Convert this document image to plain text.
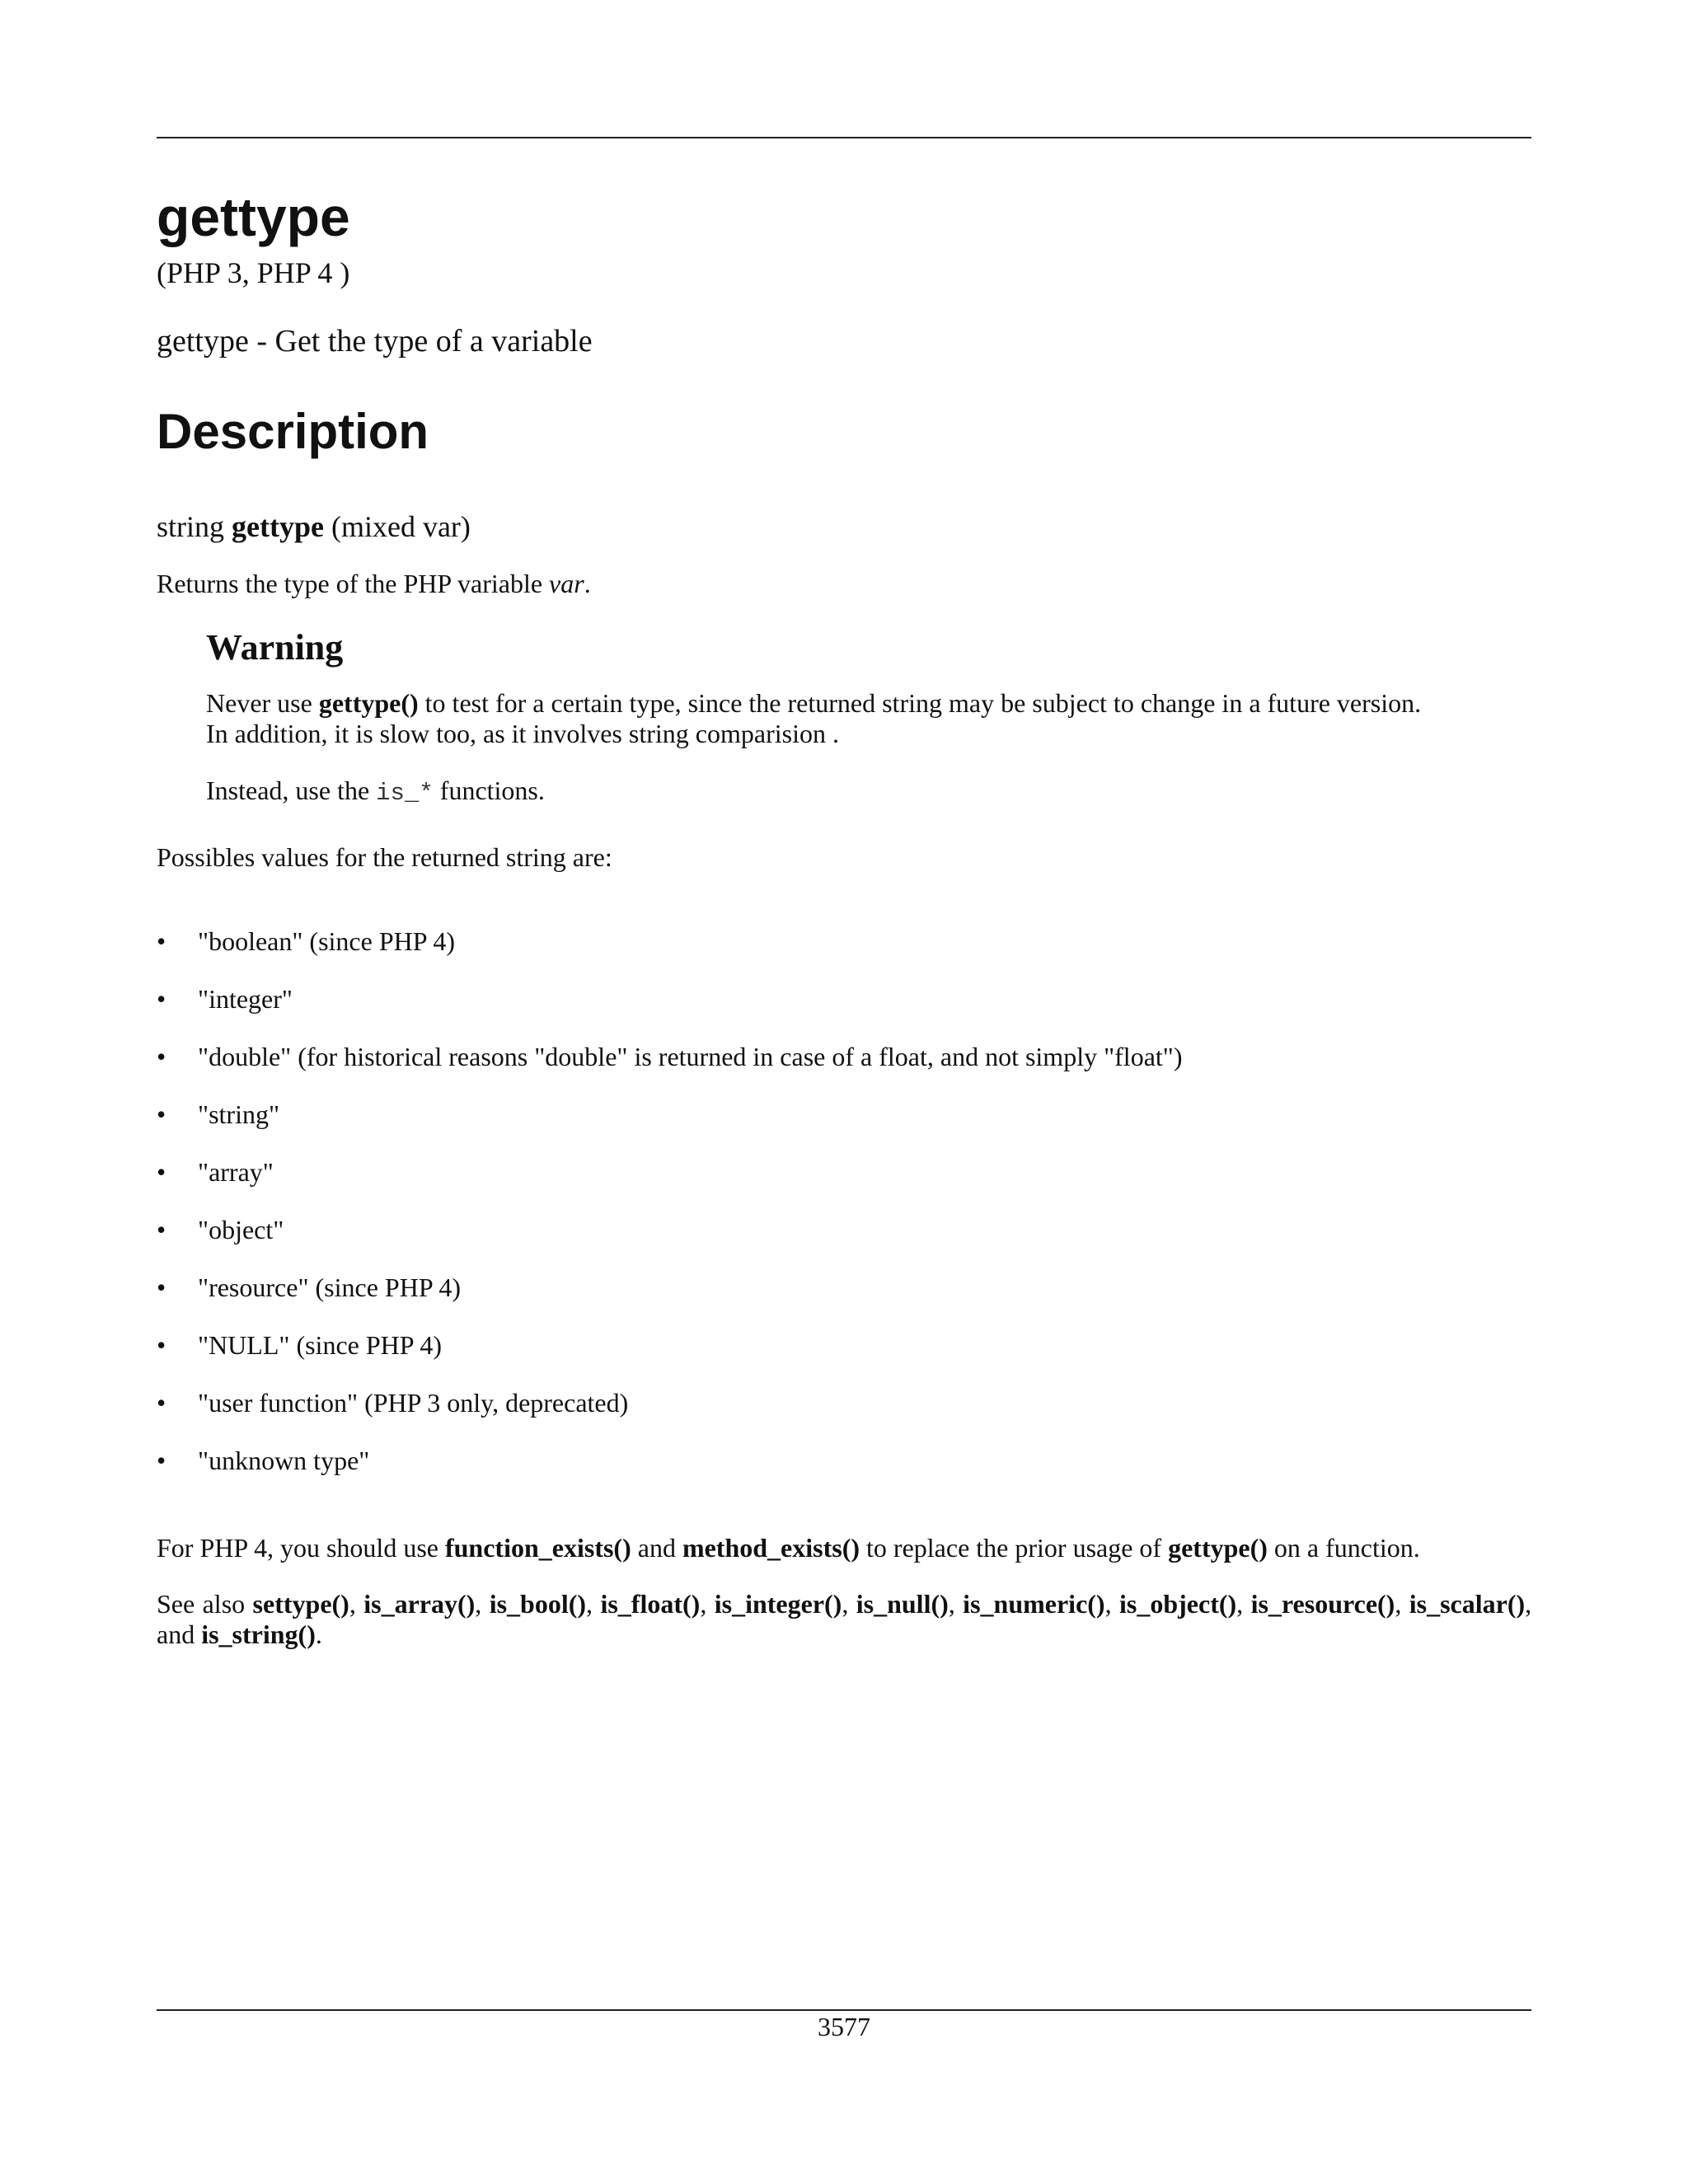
gettype
(PHP 3, PHP 4 )
gettype - Get the type of a variable
Description
string gettype (mixed var)
Returns the type of the PHP variable var.
Warning

Never use gettype() to test for a certain type, since the returned string may be subject to change in a future version.
In addition, it is slow too, as it involves string comparision .

Instead, use the is_* functions.

Possibles values for the returned string are:
• "boolean" (since PHP 4)
• "integer"
• "double" (for historical reasons "double" is returned in case of a float, and not simply "float")
• "string"
• "array"
• "object"
• "resource" (since PHP 4)
• "NULL" (since PHP 4)
• "user function" (PHP 3 only, deprecated)
• "unknown type"
For PHP 4, you should use function_exists() and method_exists() to replace the prior usage of gettype() on a function.
See also settype(), is_array(), is_bool(), is_float(), is_integer(), is_null(), is_numeric(), is_object(), is_resource(), is_scalar(), and is_string().
3577
